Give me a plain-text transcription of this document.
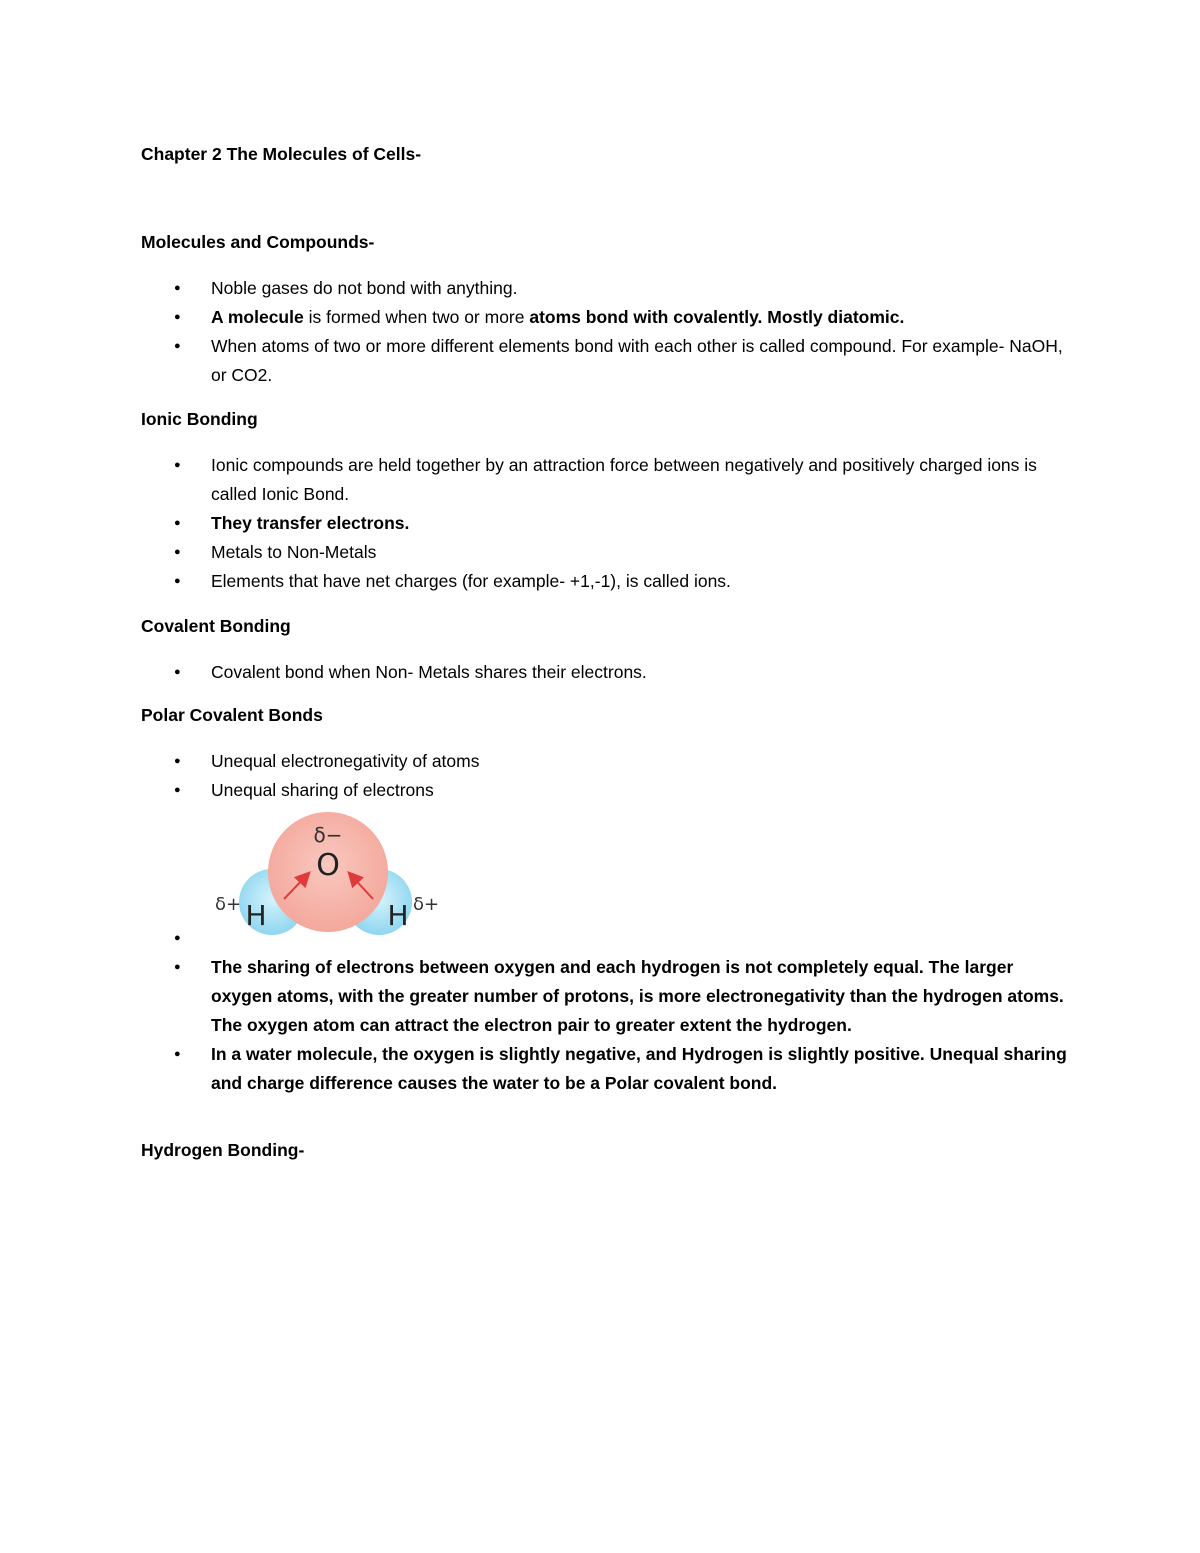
Chapter 2 The Molecules of Cells-
Molecules and Compounds-
● Noble gases do not bond with anything.
● A molecule is formed when two or more atoms bond with covalently. Mostly diatomic.
● When atoms of two or more different elements bond with each other is called compound. For example- NaOH, or CO2.
Ionic Bonding
● Ionic compounds are held together by an attraction force between negatively and positively charged ions is called Ionic Bond.
● They transfer electrons.
● Metals to Non-Metals
● Elements that have net charges (for example- +1,-1), is called ions.
Covalent Bonding
● Covalent bond when Non- Metals shares their electrons.
Polar Covalent Bonds
● Unequal electronegativity of atoms
● Unequal sharing of electrons
δ−
O
H
δ+	H δ+
●
● The sharing of electrons between oxygen and each hydrogen is not completely equal. The larger oxygen atoms, with the greater number of protons, is more electronegativity than the hydrogen atoms. The oxygen atom can attract the electron pair to greater extent the hydrogen.
● In a water molecule, the oxygen is slightly negative, and Hydrogen is slightly positive. Unequal sharing and charge difference causes the water to be a Polar covalent bond.
Hydrogen Bonding-
